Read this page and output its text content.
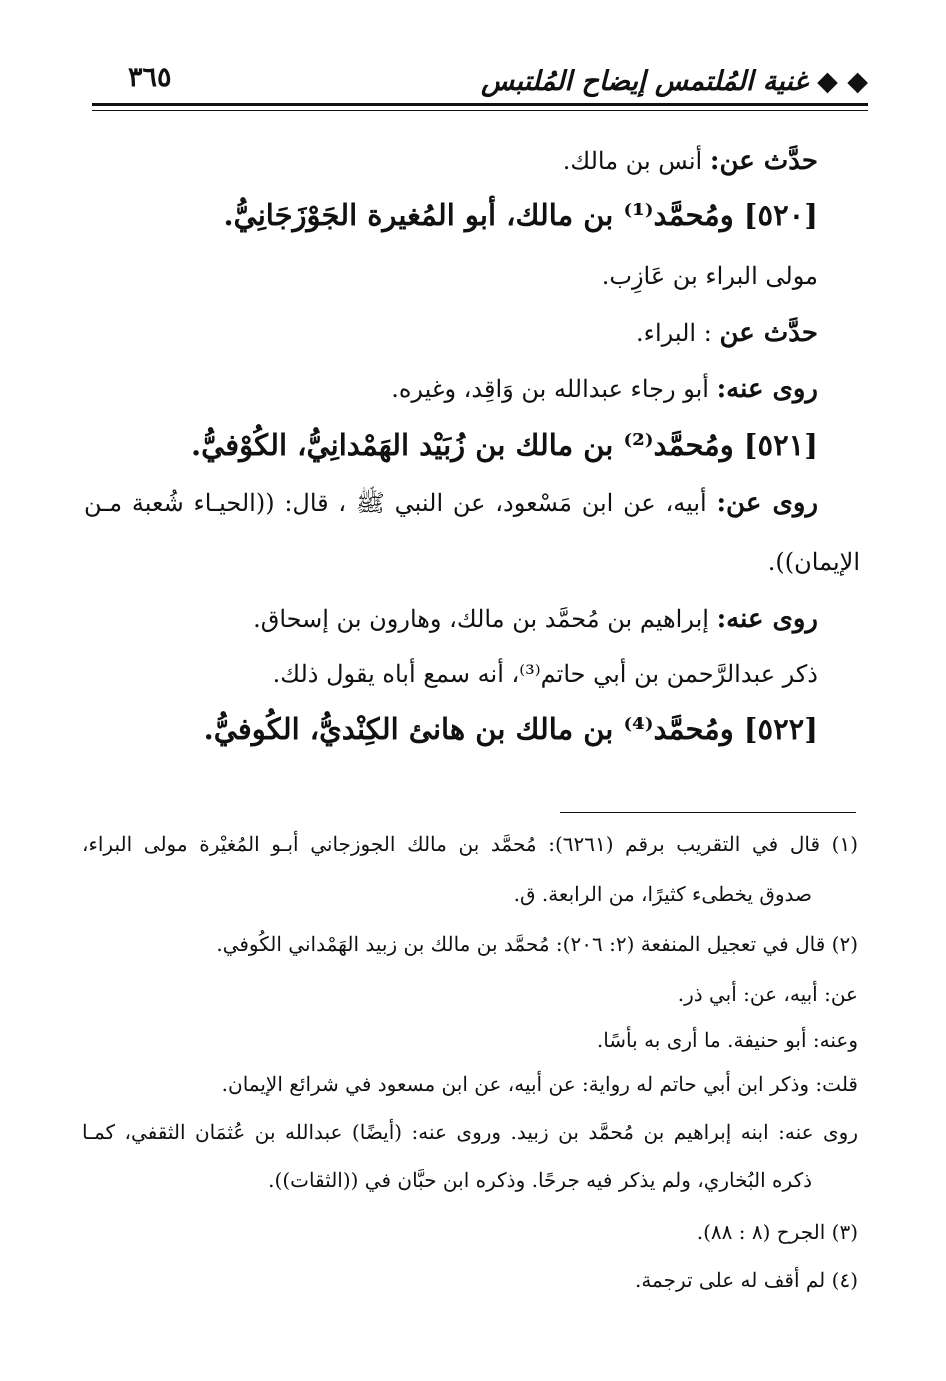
◆ ◆ غنية المُلتمس إيضاح المُلتبس
٣٦٥
حدَّث عن: أنس بن مالك.
[٥٢٠] ومُحمَّد⁽¹⁾ بن مالك، أبو المُغيرة الجَوْزَجَانِيُّ.
مولى البراء بن عَازِب.
حدَّث عن : البراء.
روى عنه: أبو رجاء عبدالله بن وَاقِد، وغيره.
[٥٢١] ومُحمَّد⁽²⁾ بن مالك بن زُبَيْد الهَمْدانِيُّ، الكُوْفيُّ.
روى عن: أبيه، عن ابن مَسْعود، عن النبي ﷺ ، قال: ((الحيـاء شُعبة مـن
الإيمان)).
روى عنه: إبراهيم بن مُحمَّد بن مالك، وهارون بن إسحاق.
ذكر عبدالرَّحمن بن أبي حاتم⁽³⁾، أنه سمع أباه يقول ذلك.
[٥٢٢] ومُحمَّد⁽⁴⁾ بن مالك بن هانئ الكِنْديُّ، الكُوفيُّ.
(١) قال في التقريب برقم (٦٢٦١): مُحمَّد بن مالك الجوزجاني أبـو المُغيْرة مولى البراء،
صدوق يخطىء كثيرًا، من الرابعة. ق.
(٢) قال في تعجيل المنفعة (٢: ٢٠٦): مُحمَّد بن مالك بن زبيد الهَمْداني الكُوفي.
عن: أبيه، عن: أبي ذر.
وعنه: أبو حنيفة. ما أرى به بأسًا.
قلت: وذكر ابن أبي حاتم له رواية: عن أبيه، عن ابن مسعود في شرائع الإيمان.
روى عنه: ابنه إبراهيم بن مُحمَّد بن زبيد. وروى عنه: (أيضًا) عبدالله بن عُثمَان الثقفي، كمـا
ذكره البُخاري، ولم يذكر فيه جرحًا. وذكره ابن حبَّان في ((الثقات)).
(٣) الجرح (٨ : ٨٨).
(٤) لم أقف له على ترجمة.
